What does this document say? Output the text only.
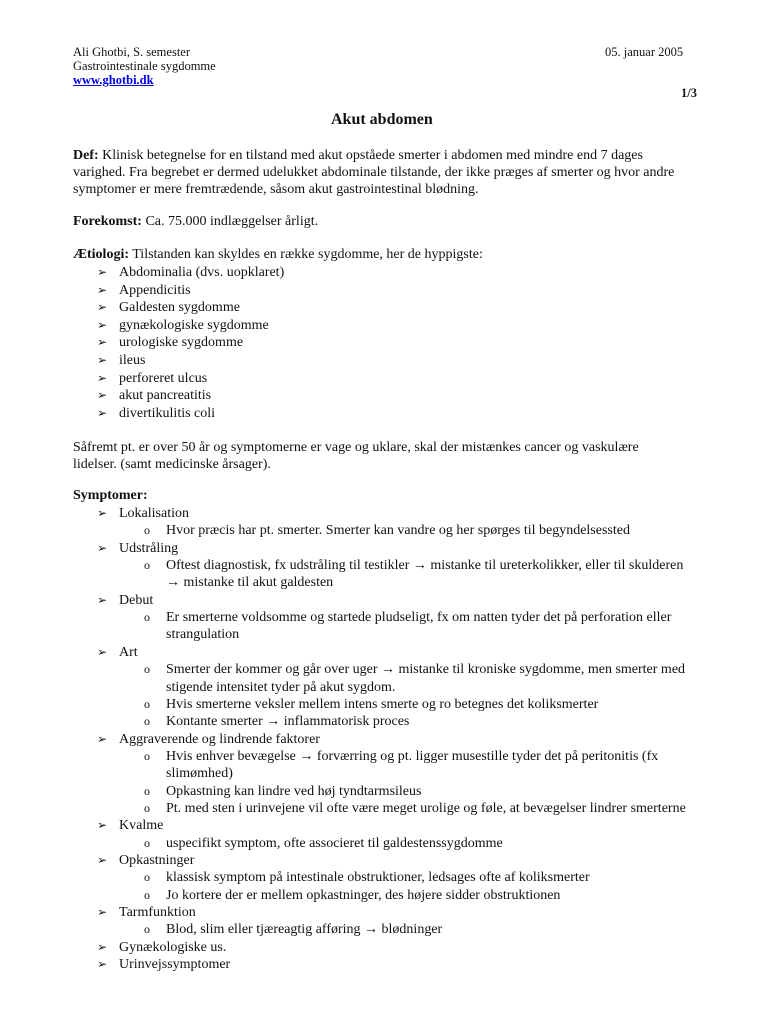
Ali Ghotbi, S. semester
Gastrointestinale sygdomme
www.ghotbi.dk
05. januar 2005
1/3
Akut abdomen
Def: Klinisk betegnelse for en tilstand med akut opståede smerter i abdomen med mindre end 7 dages
varighed. Fra begrebet er dermed udelukket abdominale tilstande, der ikke præges af smerter og hvor andre
symptomer er mere fremtrædende, såsom akut gastrointestinal blødning.
Forekomst: Ca. 75.000 indlæggelser årligt.
Ætiologi: Tilstanden kan skyldes en række sygdomme, her de hyppigste:
Såfremt pt. er over 50 år og symptomerne er vage og uklare, skal der mistænkes cancer og vaskulære
lidelser. (samt medicinske årsager).
Symptomer:
➢ Abdominalia (dvs. uopklaret)
➢ Appendicitis
➢ Galdesten sygdomme
➢ gynækologiske sygdomme
➢ urologiske sygdomme
➢ ileus
➢ perforeret ulcus
➢ akut pancreatitis
➢ divertikulitis coli
➢ Lokalisation
o Hvor præcis har pt. smerter. Smerter kan vandre og her spørges til begyndelsessted
➢ Udstråling
o Oftest diagnostisk, fx udstråling til testikler → mistanke til ureterkolikker, eller til skulderen
→ mistanke til akut galdesten
➢ Debut
o Er smerterne voldsomme og startede pludseligt, fx om natten tyder det på perforation eller
strangulation
➢ Art
o Smerter der kommer og går over uger → mistanke til kroniske sygdomme, men smerter med
stigende intensitet tyder på akut sygdom.
o Hvis smerterne veksler mellem intens smerte og ro betegnes det koliksmerter
o Kontante smerter → inflammatorisk proces
➢ Aggraverende og lindrende faktorer
o Hvis enhver bevægelse → forværring og pt. ligger musestille tyder det på peritonitis (fx
slimømhed)
o Opkastning kan lindre ved høj tyndtarmsileus
o Pt. med sten i urinvejene vil ofte være meget urolige og føle, at bevægelser lindrer smerterne
➢ Kvalme
o uspecifikt symptom, ofte associeret til galdestenssygdomme
➢ Opkastninger
o klassisk symptom på intestinale obstruktioner, ledsages ofte af koliksmerter
o Jo kortere der er mellem opkastninger, des højere sidder obstruktionen
➢ Tarmfunktion
o Blod, slim eller tjæreagtig afføring → blødninger
➢ Gynækologiske us.
➢ Urinvejssymptomer
